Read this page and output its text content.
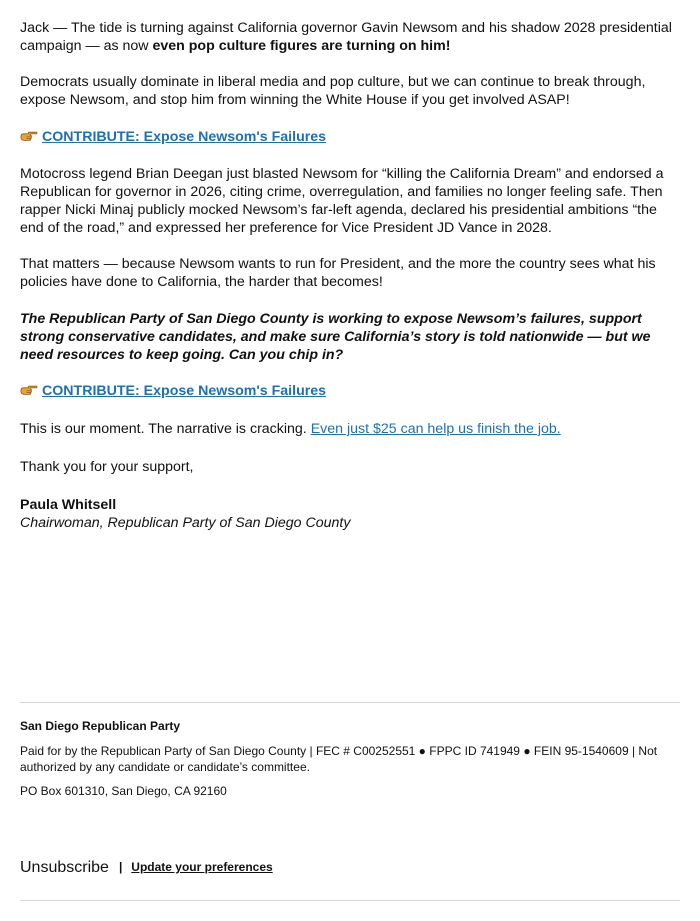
Jack — The tide is turning against California governor Gavin Newsom and his shadow 2028 presidential campaign — as now even pop culture figures are turning on him!

Democrats usually dominate in liberal media and pop culture, but we can continue to break through, expose Newsom, and stop him from winning the White House if you get involved ASAP!

CONTRIBUTE: Expose Newsom's Failures

Motocross legend Brian Deegan just blasted Newsom for “killing the California Dream” and endorsed a Republican for governor in 2026, citing crime, overregulation, and families no longer feeling safe. Then rapper Nicki Minaj publicly mocked Newsom’s far-left agenda, declared his presidential ambitions “the end of the road,” and expressed her preference for Vice President JD Vance in 2028.

That matters — because Newsom wants to run for President, and the more the country sees what his policies have done to California, the harder that becomes!

The Republican Party of San Diego County is working to expose Newsom’s failures, support strong conservative candidates, and make sure California’s story is told nationwide — but we need resources to keep going. Can you chip in?

CONTRIBUTE: Expose Newsom's Failures

This is our moment. The narrative is cracking. Even just $25 can help us finish the job.

Thank you for your support,

Paula Whitsell

Chairwoman, Republican Party of San Diego County

San Diego Republican Party
Paid for by the Republican Party of San Diego County | FEC # C00252551 ● FPPC ID 741949 ● FEIN 95-1540609 | Not authorized by any candidate or candidate’s committee.
PO Box 601310, San Diego, CA 92160
Unsubscribe | Update your preferences
